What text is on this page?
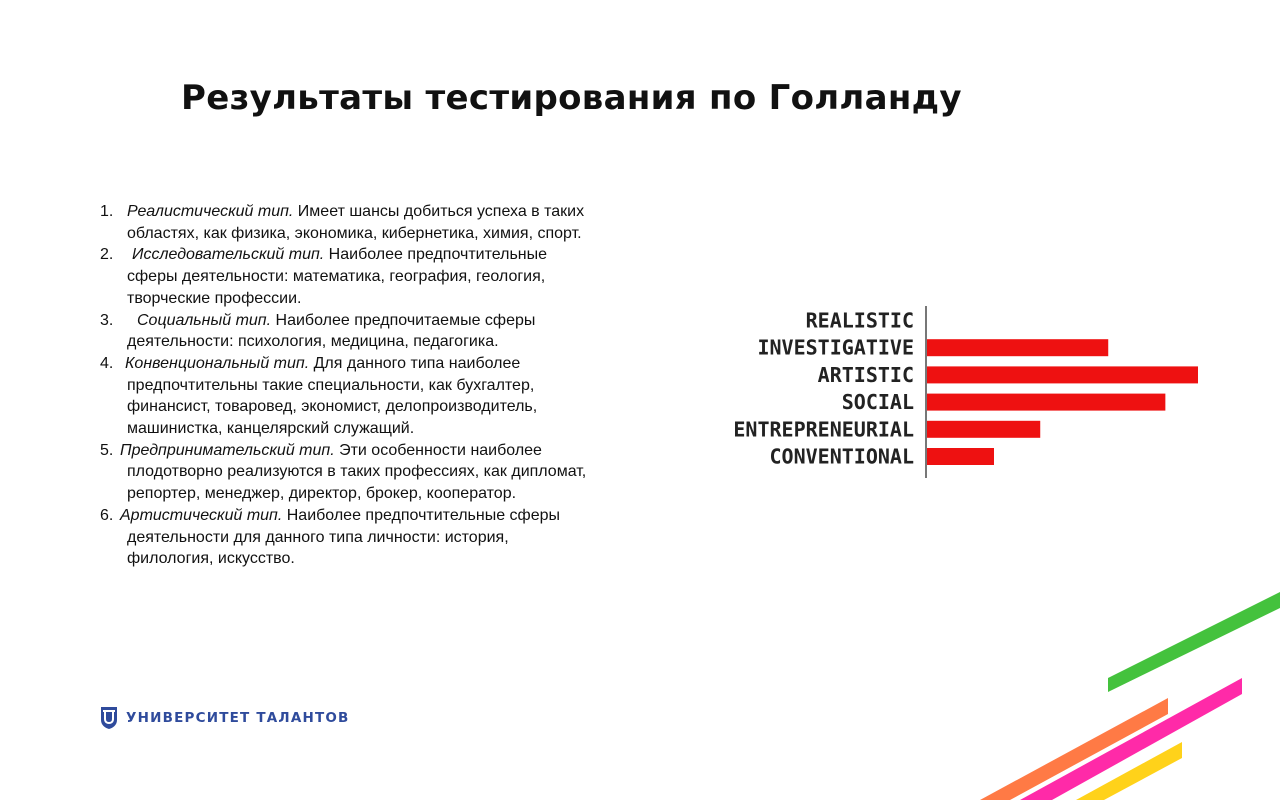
Результаты тестирования по Голланду
1. Реалистический тип. Имеет шансы добиться успеха в таких областях, как физика, экономика, кибернетика, химия, спорт.
2. Исследовательский тип. Наиболее предпочтительные сферы деятельности: математика, география, геология, творческие профессии.
3. Социальный тип. Наиболее предпочитаемые сферы деятельности: психология, медицина, педагогика.
4. Конвенциональный тип. Для данного типа наиболее предпочтительны такие специальности, как бухгалтер, финансист, товаровед, экономист, делопроизводитель, машинистка, канцелярский служащий.
5. Предпринимательский тип. Эти особенности наиболее плодотворно реализуются в таких профессиях, как дипломат, репортер, менеджер, директор, брокер, кооператор.
6. Артистический тип. Наиболее предпочтительные сферы деятельности для данного типа личности: история, филология, искусство.
REALISTIC
INVESTIGATIVE
ARTISTIC
SOCIAL
ENTREPRENEURIAL
CONVENTIONAL
УНИВЕРСИТЕТ ТАЛАНТОВ
